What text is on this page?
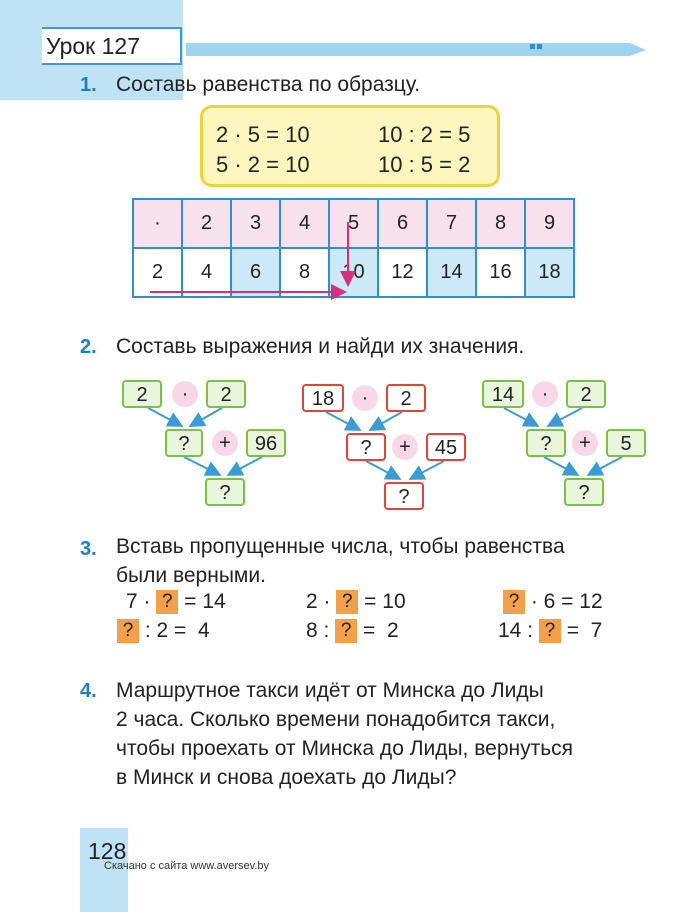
Урок 127
1. Составь равенства по образцу.
2 · 5 = 10	10 : 2 = 5
5 · 2 = 10	10 : 5 = 2
·	2	3	4	5	6	7	8	9
2	4	6	8	10	12	14	16	18
2. Составь выражения и найди их значения.
2	·	2
?	+	96
?
18	·	2
?	+	45
?
14	·	2
?	+	5
?
3. Вставь пропущенные числа, чтобы равенства
были верными.
7 · ? = 14	2 · ? = 10	? · 6 = 12
? : 2 =  4	8 : ? =  2	14 : ? =  7
4. Маршрутное такси идёт от Минска до Лиды
2 часа. Сколько времени понадобится такси,
чтобы проехать от Минска до Лиды, вернуться
в Минск и снова доехать до Лиды?
128
Скачано с сайта www.aversev.by
